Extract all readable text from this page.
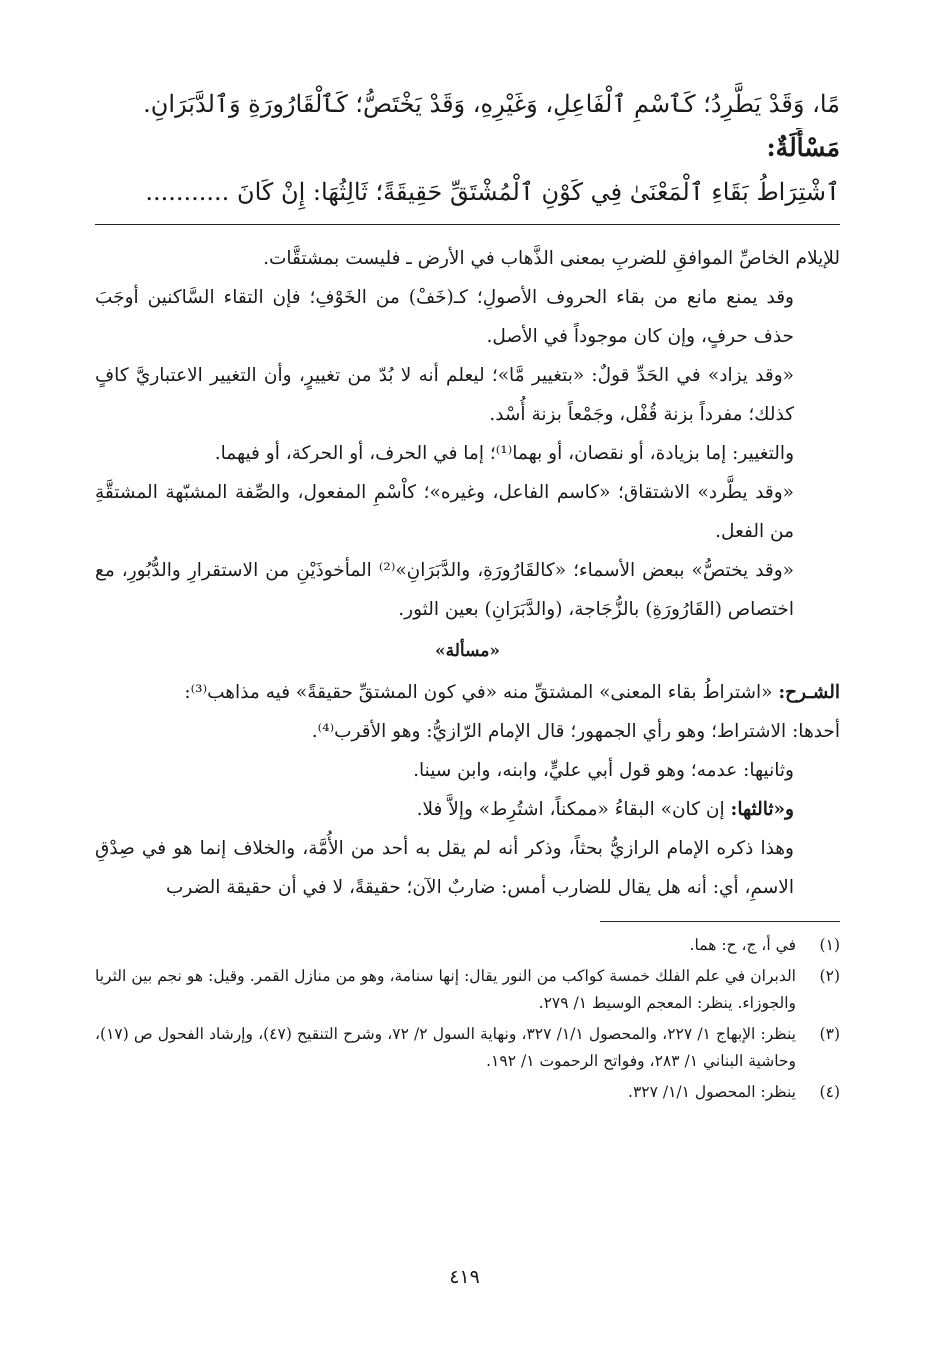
مًا، وَقَدْ يَطَّرِدُ؛ كَٱسْمِ ٱلْفَاعِلِ، وَغَيْرِهِ، وَقَدْ يَخْتَصُّ؛ كَٱلْقَارُورَةِ وَٱلدَّبَرَانِ.
مَسْأَلَةٌ:
ٱشْتِرَاطُ بَقَاءِ ٱلْمَعْنَىٰ فِي كَوْنِ ٱلْمُشْتَقِّ حَقِيقَةً؛ ثَالِثُهَا: إِنْ كَانَ ...........

للإيلام الخاصِّ الموافقِ للضربِ بمعنى الذَّهاب في الأرض ـ فليست بمشتقَّات.

وقد يمنع مانع من بقاء الحروف الأصولِ؛ كـ(خَفْ) من الخَوْفِ؛ فإن التقاء السَّاكنين أوجَبَ حذف حرفٍ، وإن كان موجوداً في الأصل.

«وقد يزاد» في الحَدِّ قولٌ: «بتغيير مَّا»؛ ليعلم أنه لا بُدّ من تغييرٍ، وأن التغيير الاعتباريَّ كافٍ كذلك؛ مفرداً بزنة قُفْل، وجَمْعاً بزنة أُسْد.

والتغيير: إما بزيادة، أو نقصان، أو بهما⁽¹⁾؛ إما في الحرف، أو الحركة، أو فيهما.

«وقد يطَّرد» الاشتقاق؛ «كاسم الفاعل، وغيره»؛ كاْسْمِ المفعول، والصِّفة المشبّهة المشتقَّةِ من الفعل.

«وقد يختصُّ» ببعض الأسماء؛ «كالقَارُورَةِ، والدَّبَرَانِ»⁽²⁾ المأخوذَيْنِ من الاستقرارِ والدُّبُورِ، مع اختصاص (القَارُورَةِ) بالزُّجَاجة، (والدَّبَرَانِ) بعين الثور.

«مسألة»

الشـرح: «اشتراطُ بقاء المعنى» المشتقِّ منه «في كون المشتقِّ حقيقةً» فيه مذاهب⁽³⁾:

أحدها: الاشتراط؛ وهو رأي الجمهور؛ قال الإمام الرّازيُّ: وهو الأقرب⁽⁴⁾.

وثانيها: عدمه؛ وهو قول أبي عليٍّ، وابنه، وابن سينا.

و«ثالثها: إن كان» البقاءُ «ممكناً، اشتُرِط» وإلاَّ فلا.

وهذا ذكره الإمام الرازيُّ بحثاً، وذكر أنه لم يقل به أحد من الأُمَّة، والخلاف إنما هو في صِدْقِ الاسمِ، أي: أنه هل يقال للضارب أمس: ضاربٌ الآن؛ حقيقةً، لا في أن حقيقة الضرب

(١)
في أ، ج، ح: هما.
(٢)
الدبران في علم الفلك خمسة كواكب من النور يقال: إنها سنامة، وهو من منازل القمر. وقيل: هو نجم بين الثريا والجوزاء. ينظر: المعجم الوسيط ١/ ٢٧٩.
(٣)
ينظر: الإبهاج ١/ ٢٢٧، والمحصول ١/١/ ٣٢٧، ونهاية السول ٢/ ٧٢، وشرح التنقيح (٤٧)، وإرشاد الفحول ص (١٧)، وحاشية البناني ١/ ٢٨٣، وفواتح الرحموت ١/ ١٩٢.
(٤)
ينظر: المحصول ١/١/ ٣٢٧.
٤١٩
